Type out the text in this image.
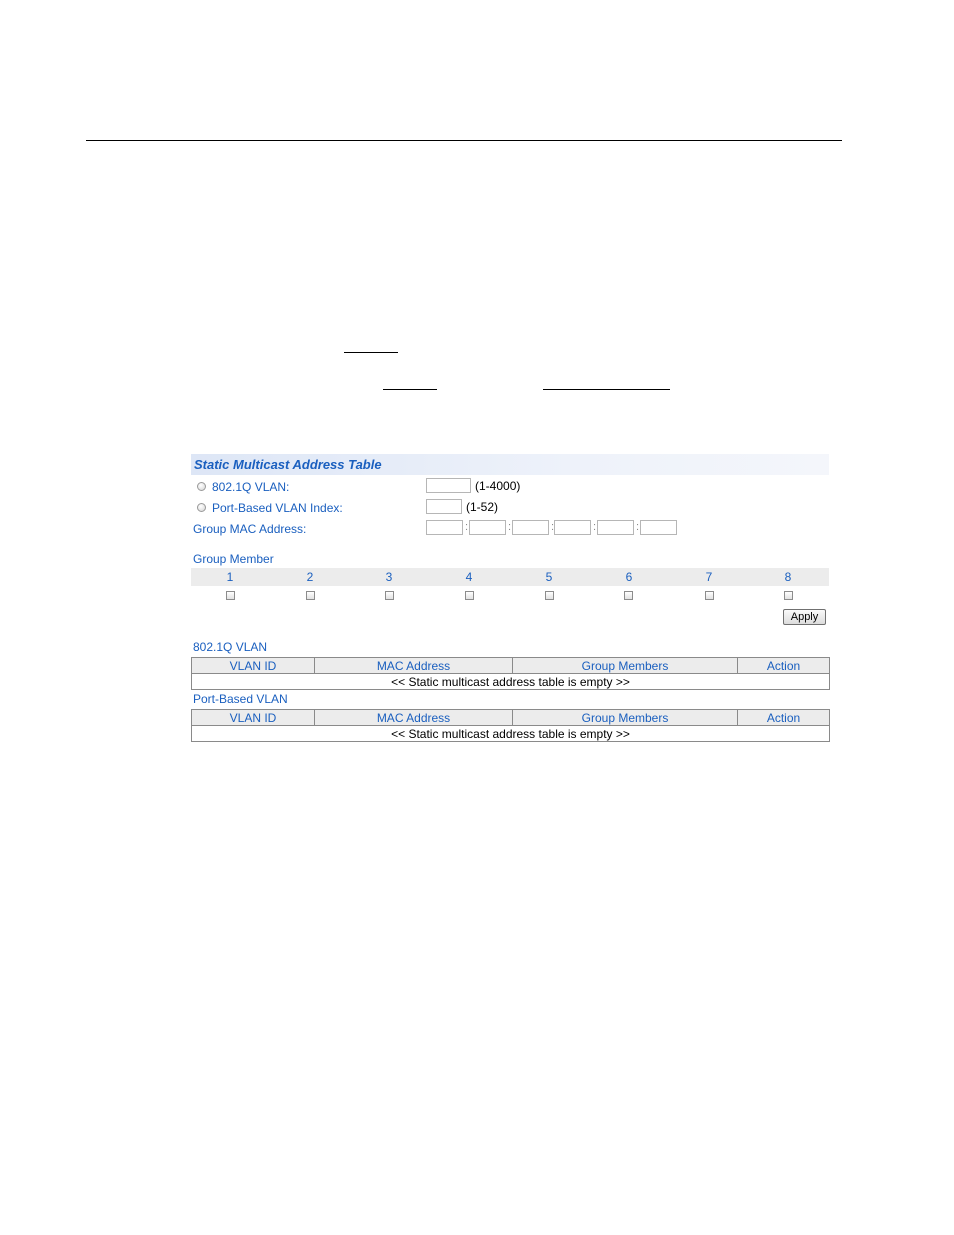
Static Multicast Address Table
802.1Q VLAN:	(1-4000)
Port-Based VLAN Index:	(1-52)
Group MAC Address:	:	:	:	:	:
Group Member
1	2	3	4	5	6	7	8
Apply
802.1Q VLAN
VLAN ID	MAC Address	Group Members	Action
<< Static multicast address table is empty >>
Port-Based VLAN
VLAN ID	MAC Address	Group Members	Action
<< Static multicast address table is empty >>
